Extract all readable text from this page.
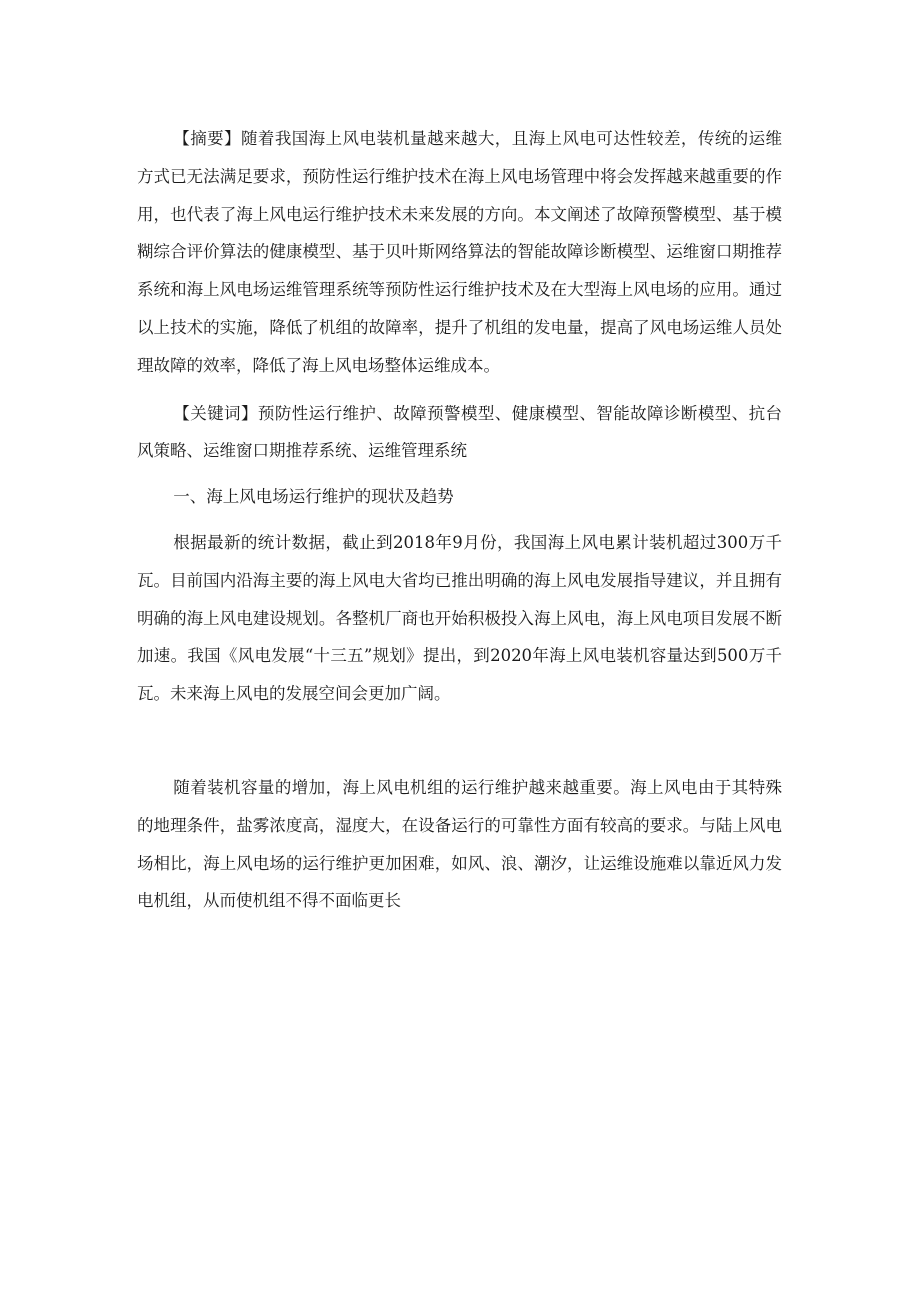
【摘要】随着我国海上风电装机量越来越大，且海上风电可达性较差，传统的运维方式已无法满足要求，预防性运行维护技术在海上风电场管理中将会发挥越来越重要的作用，也代表了海上风电运行维护技术未来发展的方向。本文阐述了故障预警模型、基于模糊综合评价算法的健康模型、基于贝叶斯网络算法的智能故障诊断模型、运维窗口期推荐系统和海上风电场运维管理系统等预防性运行维护技术及在大型海上风电场的应用。通过以上技术的实施，降低了机组的故障率，提升了机组的发电量，提高了风电场运维人员处理故障的效率，降低了海上风电场整体运维成本。

【关键词】预防性运行维护、故障预警模型、健康模型、智能故障诊断模型、抗台风策略、运维窗口期推荐系统、运维管理系统

一、海上风电场运行维护的现状及趋势

根据最新的统计数据，截止到2018年9月份，我国海上风电累计装机超过300万千瓦。目前国内沿海主要的海上风电大省均已推出明确的海上风电发展指导建议，并且拥有明确的海上风电建设规划。各整机厂商也开始积极投入海上风电，海上风电项目发展不断加速。我国《风电发展“十三五”规划》提出，到2020年海上风电装机容量达到500万千瓦。未来海上风电的发展空间会更加广阔。

随着装机容量的增加，海上风电机组的运行维护越来越重要。海上风电由于其特殊的地理条件，盐雾浓度高，湿度大，在设备运行的可靠性方面有较高的要求。与陆上风电场相比，海上风电场的运行维护更加困难，如风、浪、潮汐，让运维设施难以靠近风力发电机组，从而使机组不得不面临更长
